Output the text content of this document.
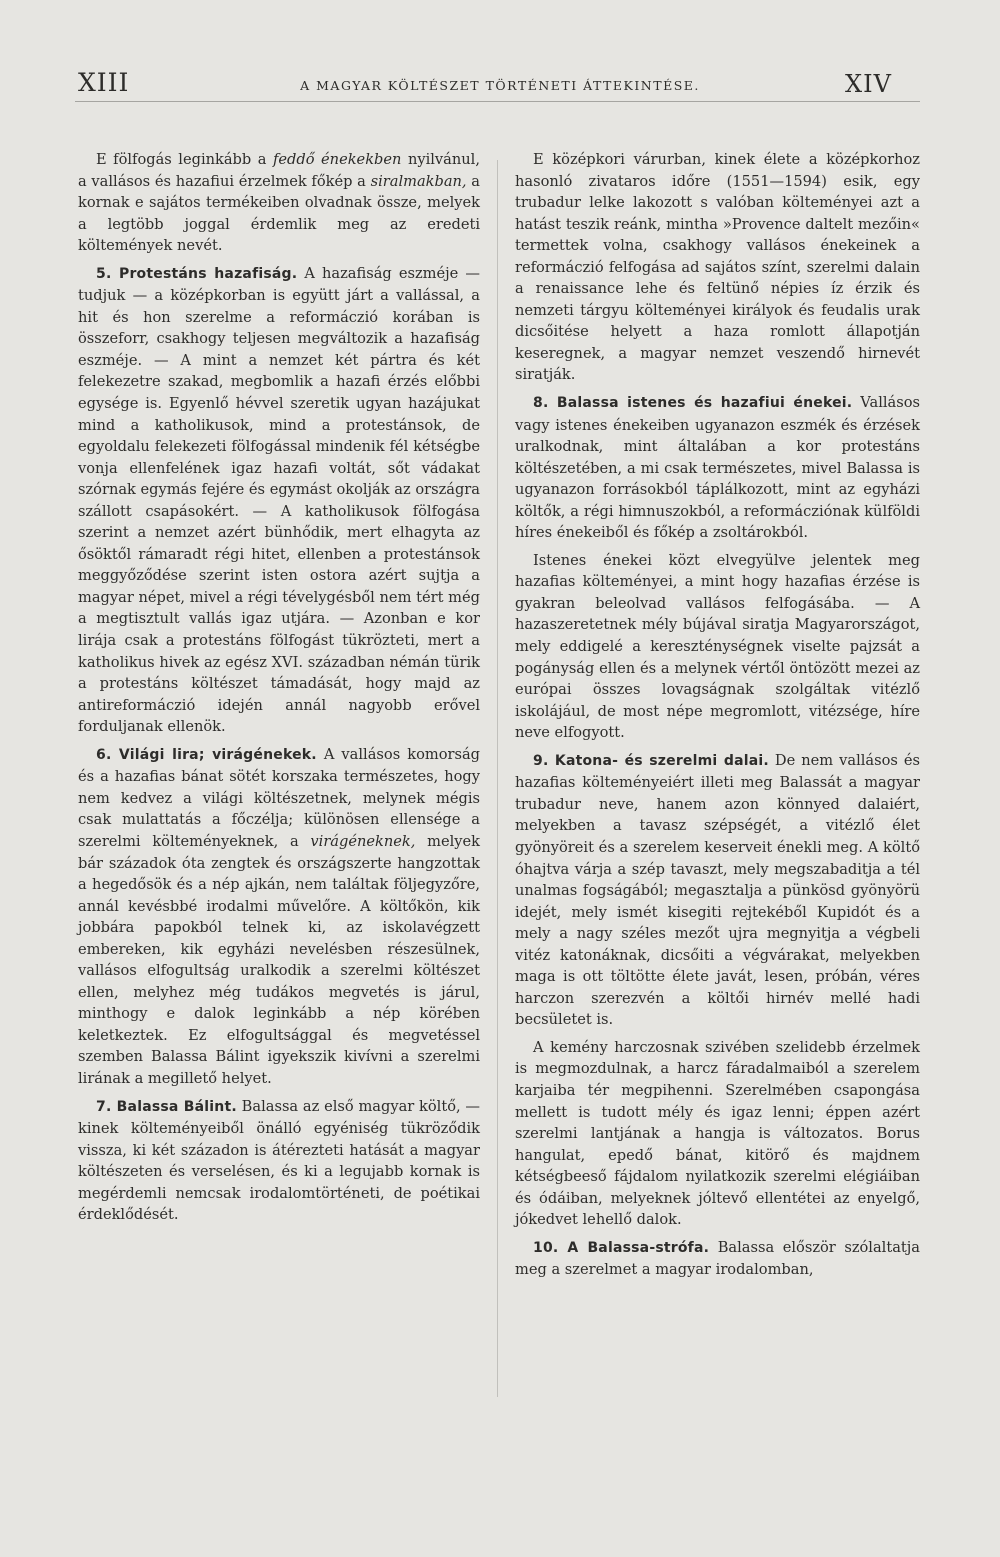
XIII	A MAGYAR KÖLTÉSZET TÖRTÉNETI ÁTTEKINTÉSE.	XIV

E fölfogás leginkább a feddő énekekben nyilvánul, a vallásos és hazafiui érzelmek főkép a siralmakban, a kornak e sajátos termékeiben olvadnak össze, melyek a legtöbb joggal érdemlik meg az eredeti költemények nevét.

5. Protestáns hazafiság. A hazafiság eszméje — tudjuk — a középkorban is együtt járt a vallással, a hit és hon szerelme a reformáczió korában is összeforr, csakhogy teljesen megváltozik a hazafiság eszméje. — A mint a nemzet két pártra és két felekezetre szakad, megbomlik a hazafi érzés előbbi egysége is. Egyenlő hévvel szeretik ugyan hazájukat mind a katholikusok, mind a protestánsok, de egyoldalu felekezeti fölfogással mindenik fél kétségbe vonja ellenfelének igaz hazafi voltát, sőt vádakat szórnak egymás fejére és egymást okolják az országra szállott csapásokért. — A katholikusok fölfogása szerint a nemzet azért bünhődik, mert elhagyta az ősöktől rámaradt régi hitet, ellenben a protestánsok meggyőződése szerint isten ostora azért sujtja a magyar népet, mivel a régi tévelygésből nem tért még a megtisztult vallás igaz utjára. — Azonban e kor lirája csak a protestáns fölfogást tükrözteti, mert a katholikus hivek az egész XVI. században némán türik a protestáns költészet támadását, hogy majd az antireformáczió idején annál nagyobb erővel forduljanak ellenök.

6. Világi lira; virágénekek. A vallásos komorság és a hazafias bánat sötét korszaka természetes, hogy nem kedvez a világi költészetnek, melynek mégis csak mulattatás a főczélja; különösen ellensége a szerelmi költeményeknek, a virágéneknek, melyek bár századok óta zengtek és országszerte hangzottak a hegedősök és a nép ajkán, nem találtak följegyzőre, annál kevésbbé irodalmi művelőre. A költőkön, kik jobbára papokból telnek ki, az iskolavégzett embereken, kik egyházi nevelésben részesülnek, vallásos elfogultság uralkodik a szerelmi költészet ellen, melyhez még tudákos megvetés is járul, minthogy e dalok leginkább a nép körében keletkeztek. Ez elfogultsággal és megvetéssel szemben Balassa Bálint igyekszik kivívni a szerelmi lirának a megillető helyet.

7. Balassa Bálint. Balassa az első magyar költő, — kinek költeményeiből önálló egyéniség tükröződik vissza, ki két századon is átérezteti hatását a magyar költészeten és verselésen, és ki a legujabb kornak is megérdemli nemcsak irodalomtörténeti, de poétikai érdeklődését.

E középkori várurban, kinek élete a középkorhoz hasonló zivataros időre (1551—1594) esik, egy trubadur lelke lakozott s valóban költeményei azt a hatást teszik reánk, mintha »Provence daltelt mezőin« termettek volna, csakhogy vallásos énekeinek a reformáczió felfogása ad sajátos színt, szerelmi dalain a renaissance lehe és feltünő népies íz érzik és nemzeti tárgyu költeményei királyok és feudalis urak dicsőitése helyett a haza romlott állapotján keseregnek, a magyar nemzet veszendő hirnevét siratják.

8. Balassa istenes és hazafiui énekei. Vallásos vagy istenes énekeiben ugyanazon eszmék és érzések uralkodnak, mint általában a kor protestáns költészetében, a mi csak természetes, mivel Balassa is ugyanazon forrásokból táplálkozott, mint az egyházi költők, a régi himnuszokból, a reformácziónak külföldi híres énekeiből és főkép a zsoltárokból.

Istenes énekei közt elvegyülve jelentek meg hazafias költeményei, a mint hogy hazafias érzése is gyakran beleolvad vallásos felfogásába. — A hazaszeretetnek mély bújával siratja Magyarországot, mely eddigelé a kereszténységnek viselte pajzsát a pogányság ellen és a melynek vértől öntözött mezei az európai összes lovagságnak szolgáltak vitézlő iskolájául, de most népe megromlott, vitézsége, híre neve elfogyott.

9. Katona- és szerelmi dalai. De nem vallásos és hazafias költeményeiért illeti meg Balassát a magyar trubadur neve, hanem azon könnyed dalaiért, melyekben a tavasz szépségét, a vitézlő élet gyönyöreit és a szerelem keserveit énekli meg. A költő óhajtva várja a szép tavaszt, mely megszabaditja a tél unalmas fogságából; megasztalja a pünkösd gyönyörü idejét, mely ismét kisegiti rejtekéből Kupidót és a mely a nagy széles mezőt ujra megnyitja a végbeli vitéz katonáknak, dicsőiti a végvárakat, melyekben maga is ott töltötte élete javát, lesen, próbán, véres harczon szerezvén a költői hirnév mellé hadi becsületet is.

A kemény harczosnak szivében szelidebb érzelmek is megmozdulnak, a harcz fáradalmaiból a szerelem karjaiba tér megpihenni. Szerelmében csapongása mellett is tudott mély és igaz lenni; éppen azért szerelmi lantjának a hangja is változatos. Borus hangulat, epedő bánat, kitörő és majdnem kétségbeeső fájdalom nyilatkozik szerelmi elégiáiban és ódáiban, melyeknek jóltevő ellentétei az enyelgő, jókedvet lehellő dalok.

10. A Balassa-strófa. Balassa először szólaltatja meg a szerelmet a magyar irodalomban,
